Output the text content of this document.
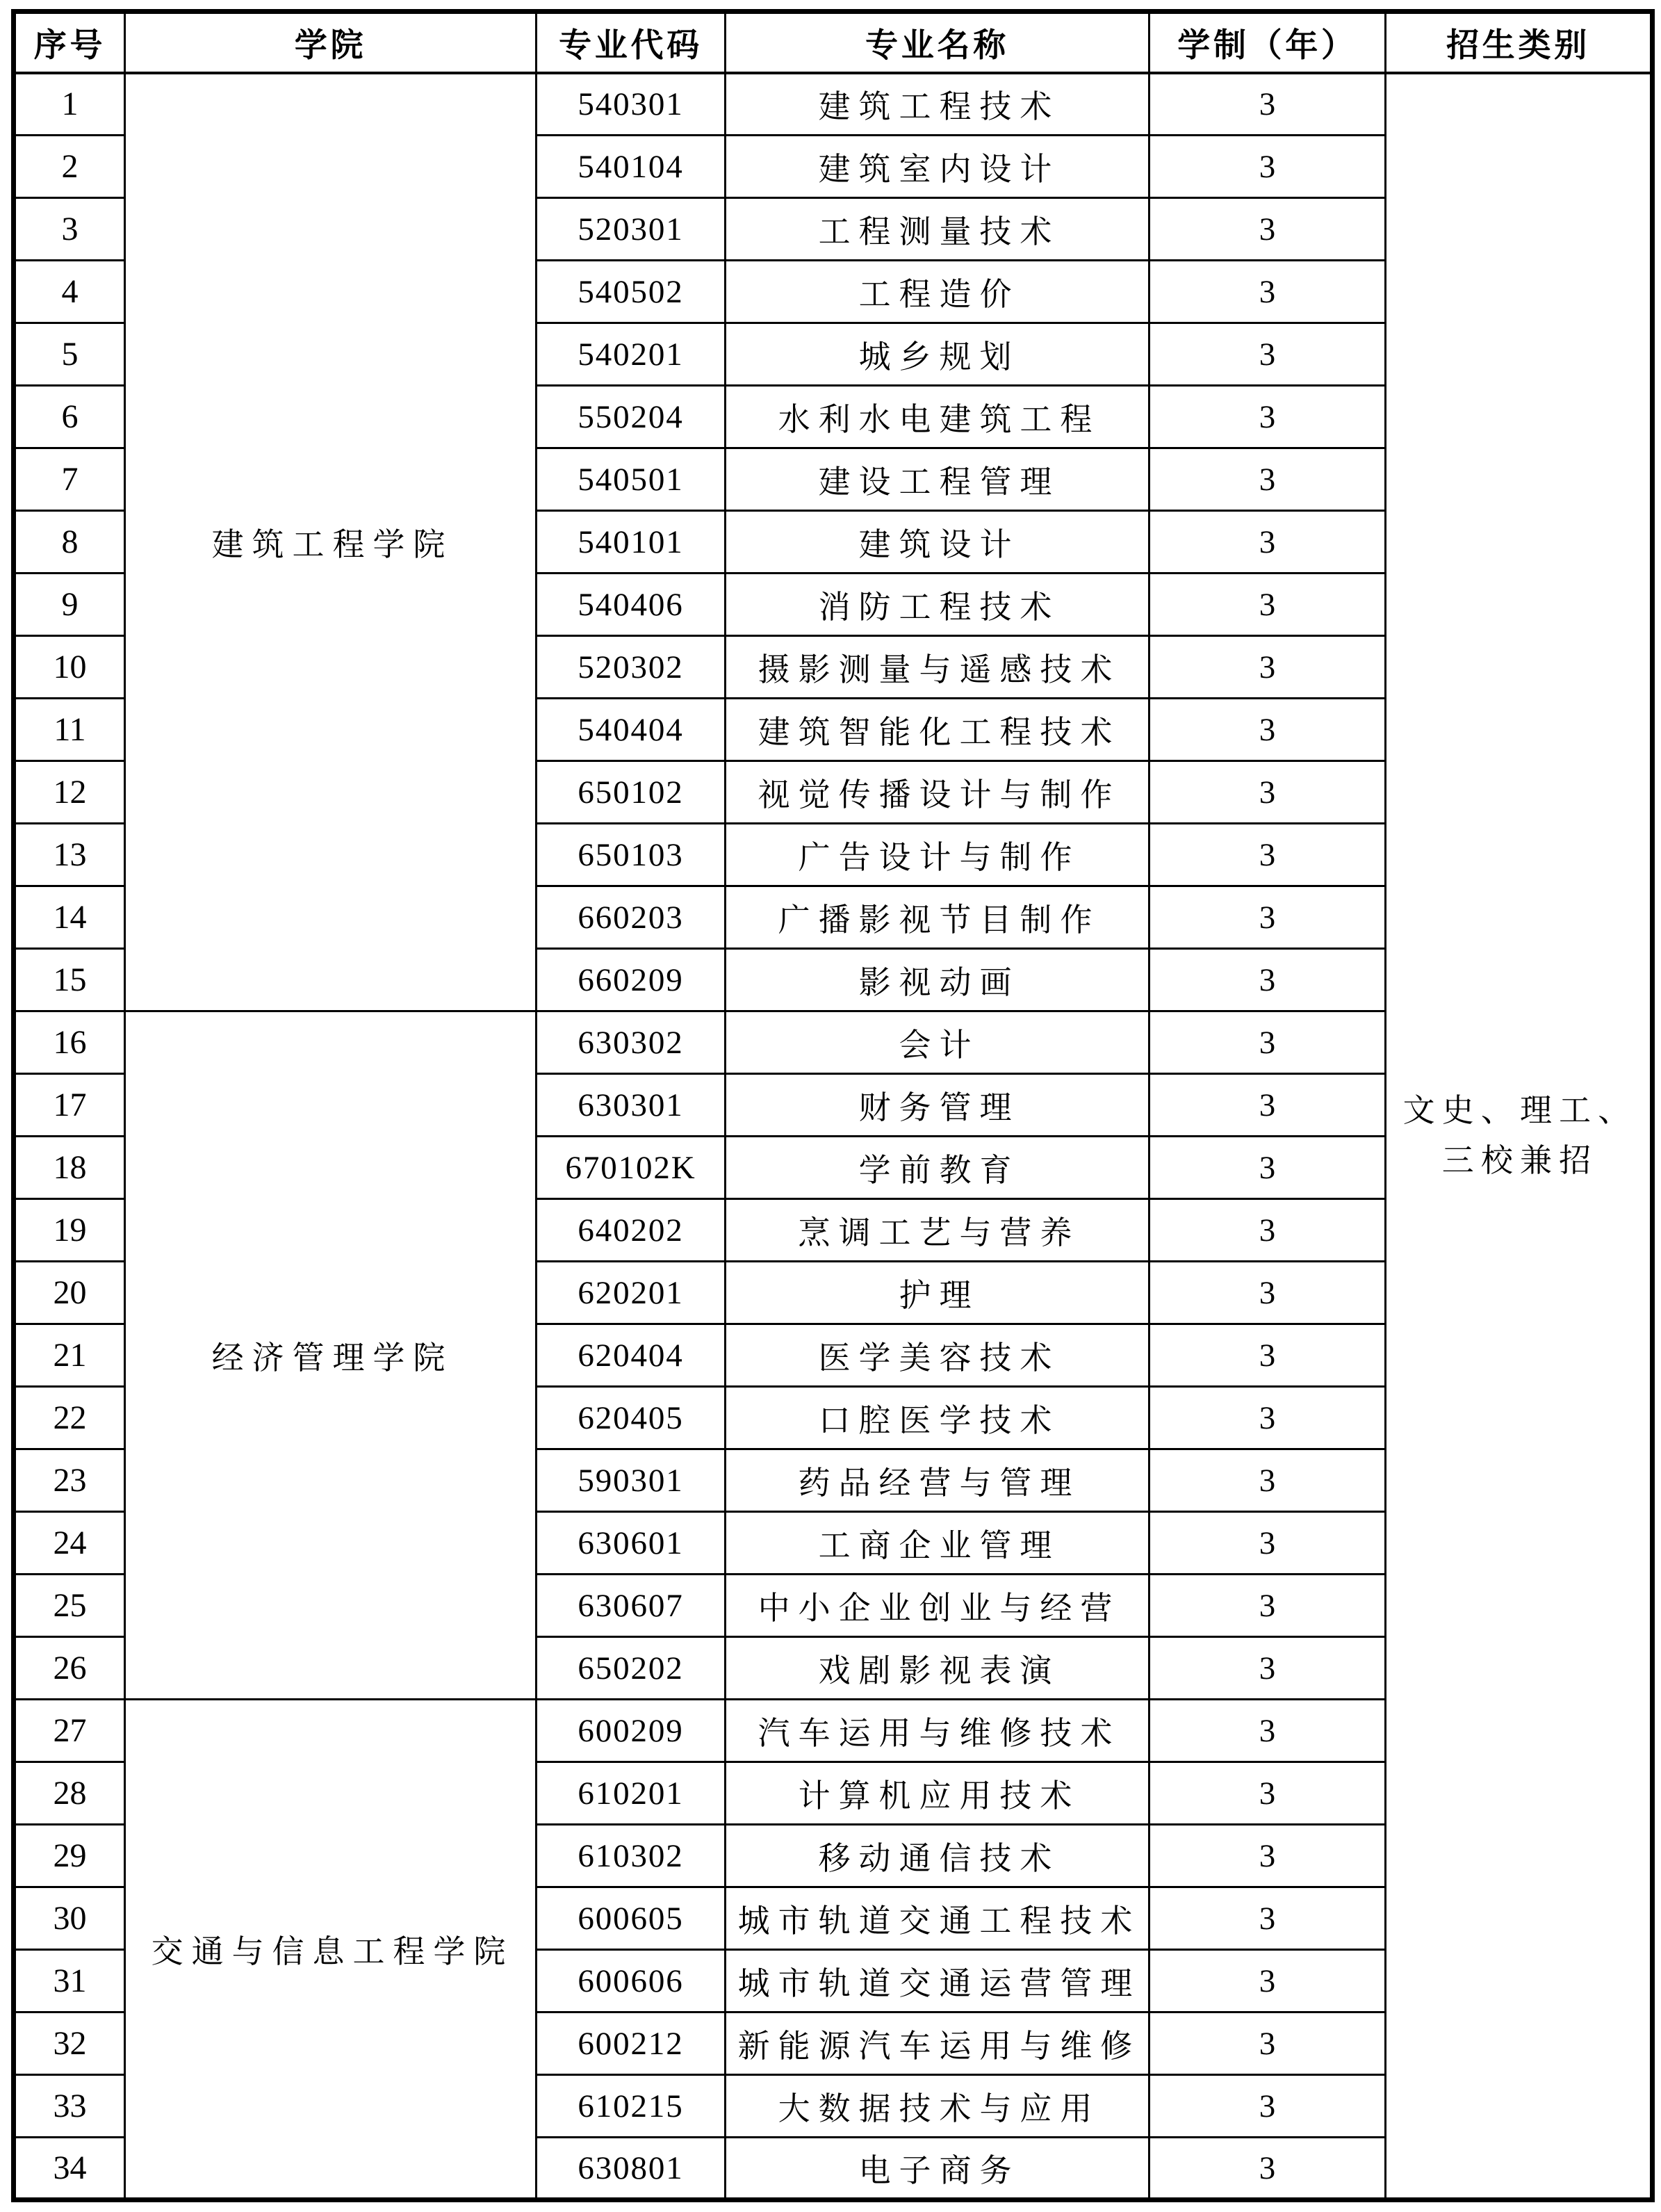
序号	学院	专业代码	专业名称	学制（年）	招生类别
1	建筑工程学院	540301	建筑工程技术	3	文史、理工、
三校兼招

2		540104	建筑室内设计	3	
3		520301	工程测量技术	3	
4		540502	工程造价	3	
5		540201	城乡规划	3	
6		550204	水利水电建筑工程	3	
7		540501	建设工程管理	3	
8		540101	建筑设计	3	
9		540406	消防工程技术	3	
10		520302	摄影测量与遥感技术	3	
11		540404	建筑智能化工程技术	3	
12		650102	视觉传播设计与制作	3	
13		650103	广告设计与制作	3	
14		660203	广播影视节目制作	3	
15		660209	影视动画	3	
16	经济管理学院	630302	会计	3	
17		630301	财务管理	3	
18		670102K	学前教育	3	
19		640202	烹调工艺与营养	3	
20		620201	护理	3	
21		620404	医学美容技术	3	
22		620405	口腔医学技术	3	
23		590301	药品经营与管理	3	
24		630601	工商企业管理	3	
25		630607	中小企业创业与经营	3	
26		650202	戏剧影视表演	3	
27	交通与信息工程学院	600209	汽车运用与维修技术	3	
28		610201	计算机应用技术	3	
29		610302	移动通信技术	3	
30		600605	城市轨道交通工程技术	3	
31		600606	城市轨道交通运营管理	3	
32		600212	新能源汽车运用与维修	3	
33		610215	大数据技术与应用	3	
34		630801	电子商务	3	
